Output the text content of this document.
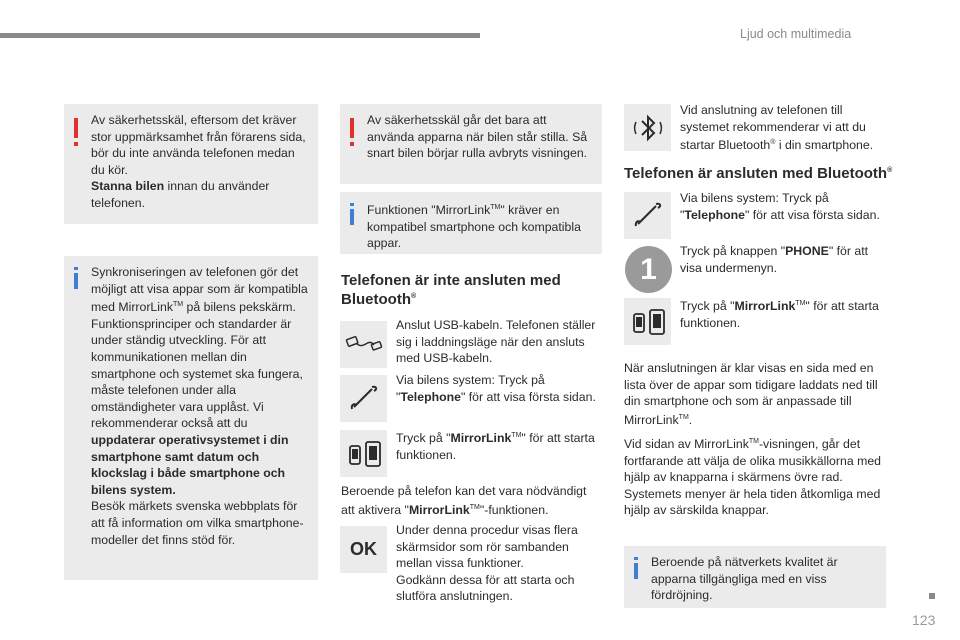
Ljud och multimedia

Av säkerhetsskäl, eftersom det kräver stor uppmärksamhet från förarens sida, bör du inte använda telefonen medan du kör.
Stanna bilen innan du använder telefonen.

Synkroniseringen av telefonen gör det möjligt att visa appar som är kompatibla med MirrorLink™ på bilens pekskärm. Funktionsprinciper och standarder är under ständig utveckling. För att kommunikationen mellan din smartphone och systemet ska fungera, måste telefonen under alla omständigheter vara upplåst. Vi rekommenderar också att du
uppdaterar operativsystemet i din smartphone samt datum och klockslag i både smartphone och bilens system.
Besök märkets svenska webbplats för att få information om vilka smartphone-modeller det finns stöd för.

Av säkerhetsskäl går det bara att använda apparna när bilen står stilla. Så snart bilen börjar rulla avbryts visningen.

Funktionen "MirrorLink™" kräver en kompatibel smartphone och kompatibla appar.

Telefonen är inte ansluten med
Bluetooth®
Anslut USB-kabeln. Telefonen ställer sig i laddningsläge när den ansluts med USB-kabeln.
Via bilens system: Tryck på "Telephone" för att visa första sidan.
Tryck på "MirrorLink™" för att starta funktionen.
Beroende på telefon kan det vara nödvändigt att aktivera "MirrorLink™"-funktionen.
OK
Under denna procedur visas flera skärmsidor som rör sambanden mellan vissa funktioner.
Godkänn dessa för att starta och slutföra anslutningen.
Vid anslutning av telefonen till systemet rekommenderar vi att du startar Bluetooth® i din smartphone.
Telefonen är ansluten med Bluetooth®
Via bilens system: Tryck på "Telephone" för att visa första sidan.
1
Tryck på knappen "PHONE" för att visa undermenyn.
Tryck på "MirrorLink™" för att starta funktionen.
När anslutningen är klar visas en sida med en lista över de appar som tidigare laddats ned till din smartphone och som är anpassade till MirrorLink™.
Vid sidan av MirrorLink™-visningen, går det fortfarande att välja de olika musikkällorna med hjälp av knapparna i skärmens övre rad. Systemets menyer är hela tiden åtkomliga med hjälp av särskilda knappar.

Beroende på nätverkets kvalitet är apparna tillgängliga med en viss fördröjning.

123
